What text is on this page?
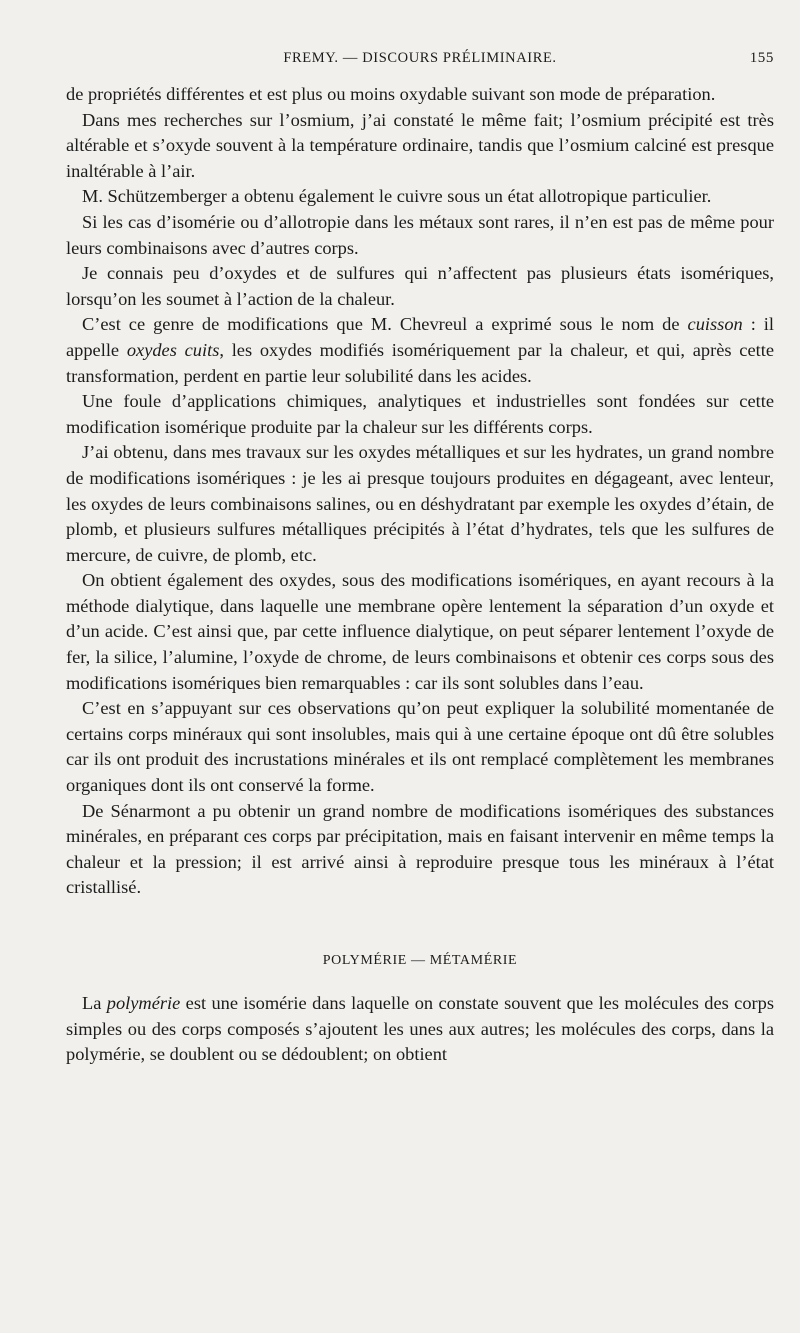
FREMY. — DISCOURS PRÉLIMINAIRE.	155

de propriétés différentes et est plus ou moins oxydable suivant son mode de préparation.

Dans mes recherches sur l’osmium, j’ai constaté le même fait; l’osmium précipité est très altérable et s’oxyde souvent à la température ordinaire, tandis que l’osmium calciné est presque inaltérable à l’air.

M. Schützemberger a obtenu également le cuivre sous un état allotropique particulier.

Si les cas d’isomérie ou d’allotropie dans les métaux sont rares, il n’en est pas de même pour leurs combinaisons avec d’autres corps.

Je connais peu d’oxydes et de sulfures qui n’affectent pas plusieurs états isomériques, lorsqu’on les soumet à l’action de la chaleur.

C’est ce genre de modifications que M. Chevreul a exprimé sous le nom de cuisson : il appelle oxydes cuits, les oxydes modifiés isomériquement par la chaleur, et qui, après cette transformation, perdent en partie leur solubilité dans les acides.

Une foule d’applications chimiques, analytiques et industrielles sont fondées sur cette modification isomérique produite par la chaleur sur les différents corps.

J’ai obtenu, dans mes travaux sur les oxydes métalliques et sur les hydrates, un grand nombre de modifications isomériques : je les ai presque toujours produites en dégageant, avec lenteur, les oxydes de leurs combinaisons salines, ou en déshydratant par exemple les oxydes d’étain, de plomb, et plusieurs sulfures métalliques précipités à l’état d’hydrates, tels que les sulfures de mercure, de cuivre, de plomb, etc.

On obtient également des oxydes, sous des modifications isomériques, en ayant recours à la méthode dialytique, dans laquelle une membrane opère lentement la séparation d’un oxyde et d’un acide. C’est ainsi que, par cette influence dialytique, on peut séparer lentement l’oxyde de fer, la silice, l’alumine, l’oxyde de chrome, de leurs combinaisons et obtenir ces corps sous des modifications isomériques bien remarquables : car ils sont solubles dans l’eau.

C’est en s’appuyant sur ces observations qu’on peut expliquer la solubilité momentanée de certains corps minéraux qui sont insolubles, mais qui à une certaine époque ont dû être solubles car ils ont produit des incrustations minérales et ils ont remplacé complètement les membranes organiques dont ils ont conservé la forme.

De Sénarmont a pu obtenir un grand nombre de modifications isomériques des substances minérales, en préparant ces corps par précipitation, mais en faisant intervenir en même temps la chaleur et la pression; il est arrivé ainsi à reproduire presque tous les minéraux à l’état cristallisé.

POLYMÉRIE — MÉTAMÉRIE

La polymérie est une isomérie dans laquelle on constate souvent que les molécules des corps simples ou des corps composés s’ajoutent les unes aux autres; les molécules des corps, dans la polymérie, se doublent ou se dédoublent; on obtient
